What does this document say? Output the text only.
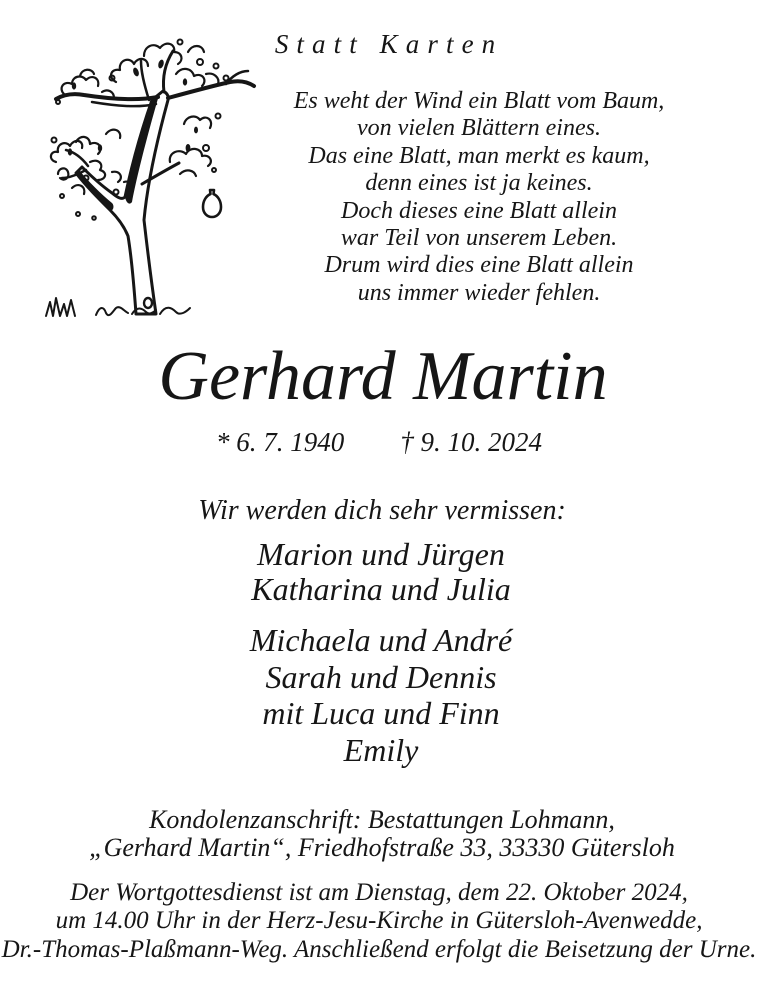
Statt Karten
Es weht der Wind ein Blatt vom Baum,
von vielen Blättern eines.
Das eine Blatt, man merkt es kaum,
denn eines ist ja keines.
Doch dieses eine Blatt allein
war Teil von unserem Leben.
Drum wird dies eine Blatt allein
uns immer wieder fehlen.
Gerhard Martin
* 6. 7. 1940 † 9. 10. 2024
Wir werden dich sehr vermissen:
Marion und Jürgen
Katharina und Julia
Michaela und André
Sarah und Dennis
mit Luca und Finn
Emily
Kondolenzanschrift: Bestattungen Lohmann,
„Gerhard Martin“, Friedhofstraße 33, 33330 Gütersloh
Der Wortgottesdienst ist am Dienstag, dem 22. Oktober 2024,
um 14.00 Uhr in der Herz-Jesu-Kirche in Gütersloh-Avenwedde,
Dr.-Thomas-Plaßmann-Weg. Anschließend erfolgt die Beisetzung der Urne.
